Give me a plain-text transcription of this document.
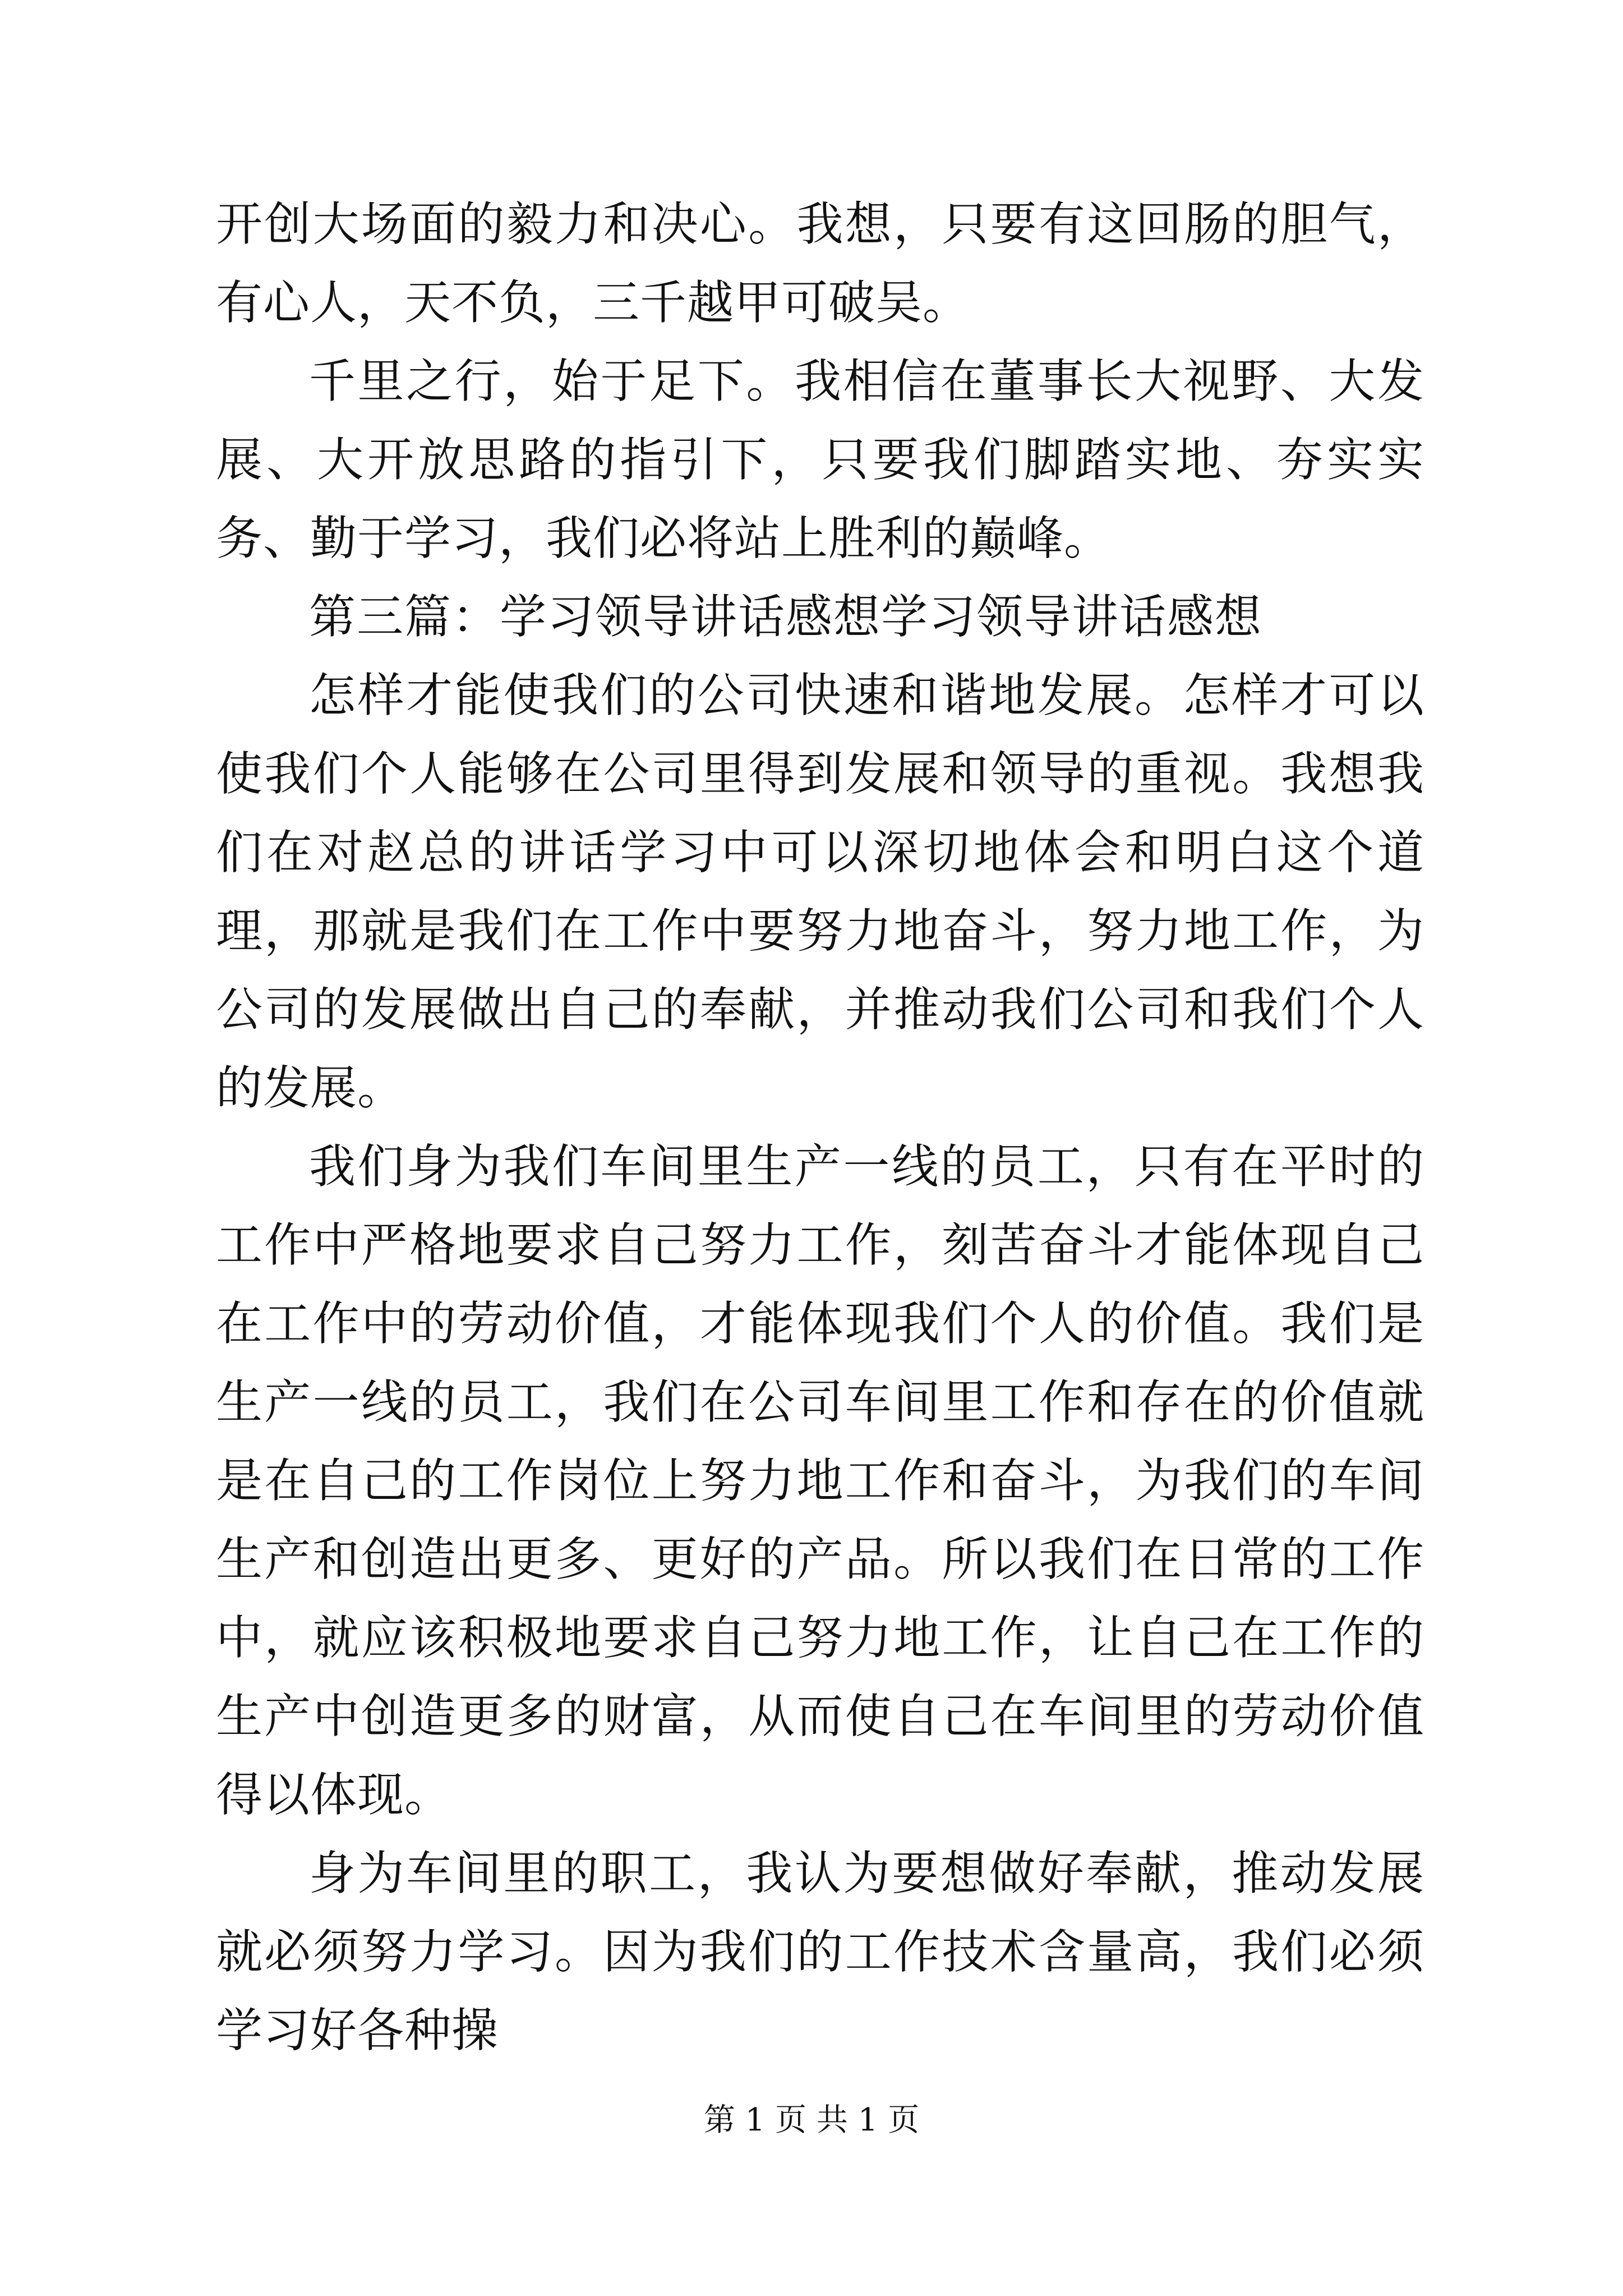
开创大场面的毅力和决心。我想，只要有这回肠的胆气，有心人，天不负，三千越甲可破吴。

千里之行，始于足下。我相信在董事长大视野、大发展、大开放思路的指引下，只要我们脚踏实地、夯实实务、勤于学习，我们必将站上胜利的巅峰。

第三篇：学习领导讲话感想学习领导讲话感想

怎样才能使我们的公司快速和谐地发展。怎样才可以使我们个人能够在公司里得到发展和领导的重视。我想我们在对赵总的讲话学习中可以深切地体会和明白这个道理，那就是我们在工作中要努力地奋斗，努力地工作，为公司的发展做出自己的奉献，并推动我们公司和我们个人的发展。

我们身为我们车间里生产一线的员工，只有在平时的工作中严格地要求自己努力工作，刻苦奋斗才能体现自己在工作中的劳动价值，才能体现我们个人的价值。我们是生产一线的员工，我们在公司车间里工作和存在的价值就是在自己的工作岗位上努力地工作和奋斗，为我们的车间生产和创造出更多、更好的产品。所以我们在日常的工作中，就应该积极地要求自己努力地工作，让自己在工作的生产中创造更多的财富，从而使自己在车间里的劳动价值得以体现。

身为车间里的职工，我认为要想做好奉献，推动发展就必须努力学习。因为我们的工作技术含量高，我们必须学习好各种操

第 1 页 共 1 页
